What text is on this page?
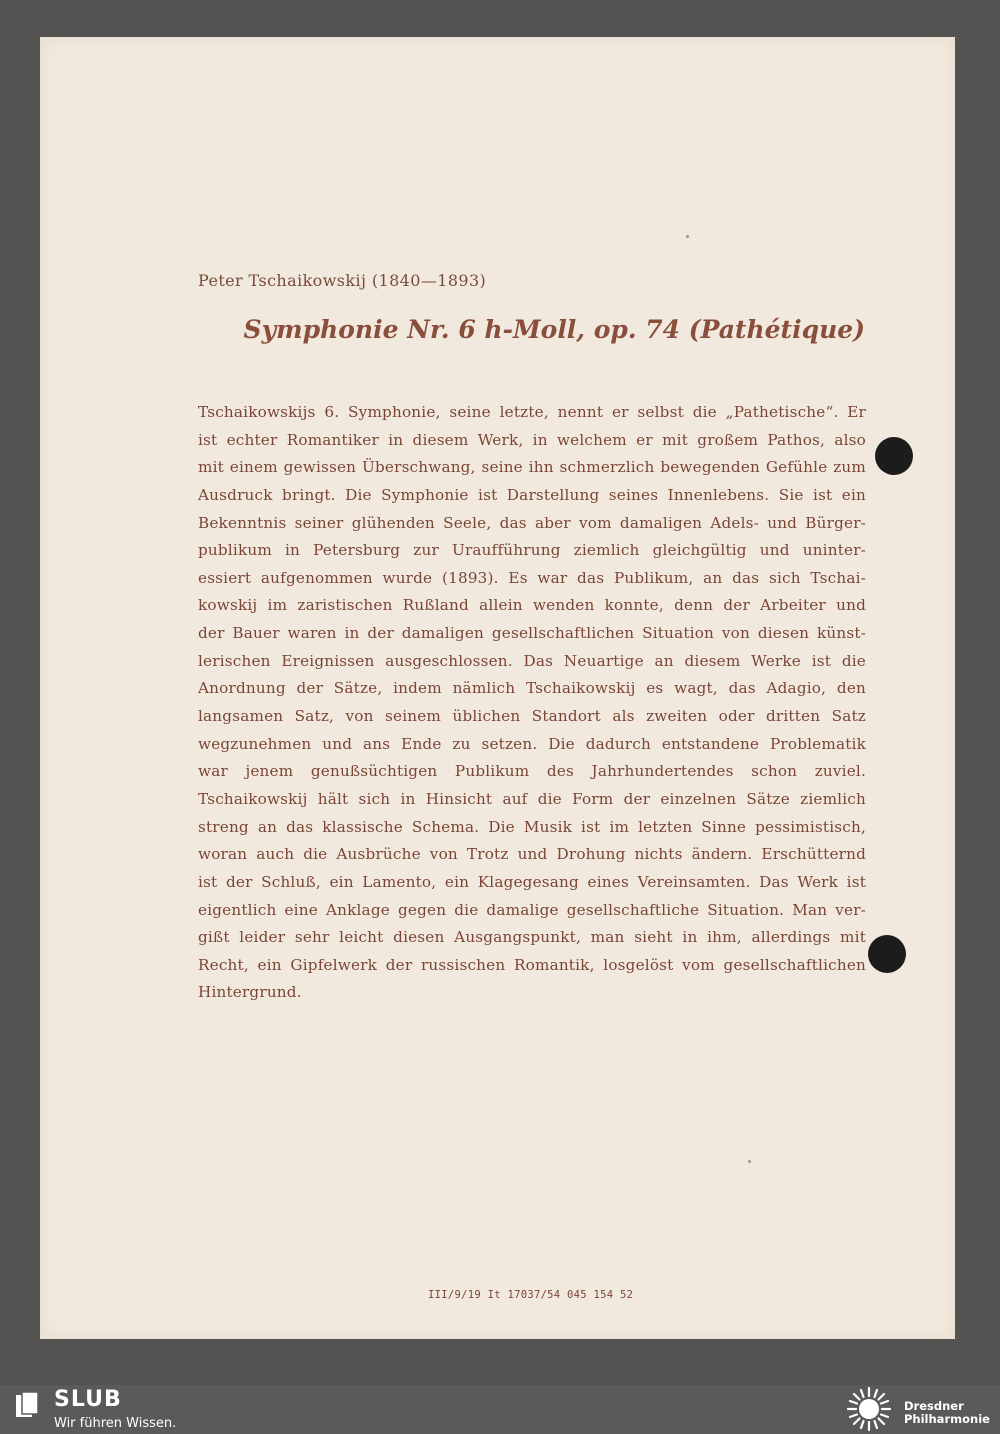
Peter Tschaikowskij (1840—1893)
Symphonie Nr. 6 h-Moll, op. 74 (Pathétique)
Tschaikowskijs 6. Symphonie, seine letzte, nennt er selbst die „Pathetische“. Er
ist echter Romantiker in diesem Werk, in welchem er mit großem Pathos, also
mit einem gewissen Überschwang, seine ihn schmerzlich bewegenden Gefühle zum
Ausdruck bringt. Die Symphonie ist Darstellung seines Innenlebens. Sie ist ein
Bekenntnis seiner glühenden Seele, das aber vom damaligen Adels- und Bürger-
publikum in Petersburg zur Uraufführung ziemlich gleichgültig und uninter-
essiert aufgenommen wurde (1893). Es war das Publikum, an das sich Tschai-
kowskij im zaristischen Rußland allein wenden konnte, denn der Arbeiter und
der Bauer waren in der damaligen gesellschaftlichen Situation von diesen künst-
lerischen Ereignissen ausgeschlossen. Das Neuartige an diesem Werke ist die
Anordnung der Sätze, indem nämlich Tschaikowskij es wagt, das Adagio, den
langsamen Satz, von seinem üblichen Standort als zweiten oder dritten Satz
wegzunehmen und ans Ende zu setzen. Die dadurch entstandene Problematik
war jenem genußsüchtigen Publikum des Jahrhundertendes schon zuviel.
Tschaikowskij hält sich in Hinsicht auf die Form der einzelnen Sätze ziemlich
streng an das klassische Schema. Die Musik ist im letzten Sinne pessimistisch,
woran auch die Ausbrüche von Trotz und Drohung nichts ändern. Erschütternd
ist der Schluß, ein Lamento, ein Klagegesang eines Vereinsamten. Das Werk ist
eigentlich eine Anklage gegen die damalige gesellschaftliche Situation. Man ver-
gißt leider sehr leicht diesen Ausgangspunkt, man sieht in ihm, allerdings mit
Recht, ein Gipfelwerk der russischen Romantik, losgelöst vom gesellschaftlichen
Hintergrund.
III/9/19 It 17037/54 045 154 52
SLUB
Wir führen Wissen.
Dresdner
Philharmonie
